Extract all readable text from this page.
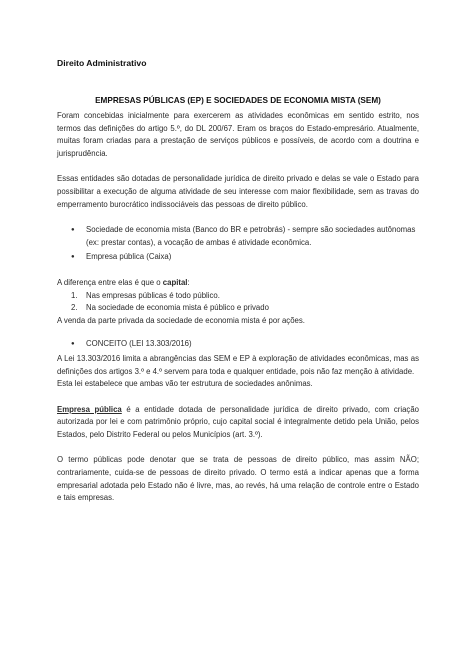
Direito Administrativo
EMPRESAS PÚBLICAS (EP) E SOCIEDADES DE ECONOMIA MISTA (SEM)

Foram concebidas inicialmente para exercerem as atividades econômicas em sentido estrito, nos termos das definições do artigo 5.º, do DL 200/67. Eram os braços do Estado-empresário. Atualmente, muitas foram criadas para a prestação de serviços públicos e possíveis, de acordo com a doutrina e jurisprudência.

Essas entidades são dotadas de personalidade jurídica de direito privado e delas se vale o Estado para possibilitar a execução de alguma atividade de seu interesse com maior flexibilidade, sem as travas do emperramento burocrático indissociáveis das pessoas de direito público.

● Sociedade de economia mista (Banco do BR e petrobrás) - sempre são sociedades autônomas (ex: prestar contas), a vocação de ambas é atividade econômica.
● Empresa pública (Caixa)

A diferença entre elas é que o capital:

1. Nas empresas públicas é todo público.
2. Na sociedade de economia mista é público e privado

A venda da parte privada da sociedade de economia mista é por ações.

● CONCEITO (LEI 13.303/2016)

A Lei 13.303/2016 limita a abrangências das SEM e EP à exploração de atividades econômicas, mas as definições dos artigos 3.º e 4.º servem para toda e qualquer entidade, pois não faz menção à atividade.

Esta lei estabelece que ambas vão ter estrutura de sociedades anônimas.

Empresa pública é a entidade dotada de personalidade jurídica de direito privado, com criação autorizada por lei e com patrimônio próprio, cujo capital social é integralmente detido pela União, pelos Estados, pelo Distrito Federal ou pelos Municípios (art. 3.º).

O termo públicas pode denotar que se trata de pessoas de direito público, mas assim NÃO; contrariamente, cuida-se de pessoas de direito privado. O termo está a indicar apenas que a forma empresarial adotada pelo Estado não é livre, mas, ao revés, há uma relação de controle entre o Estado e tais empresas.
